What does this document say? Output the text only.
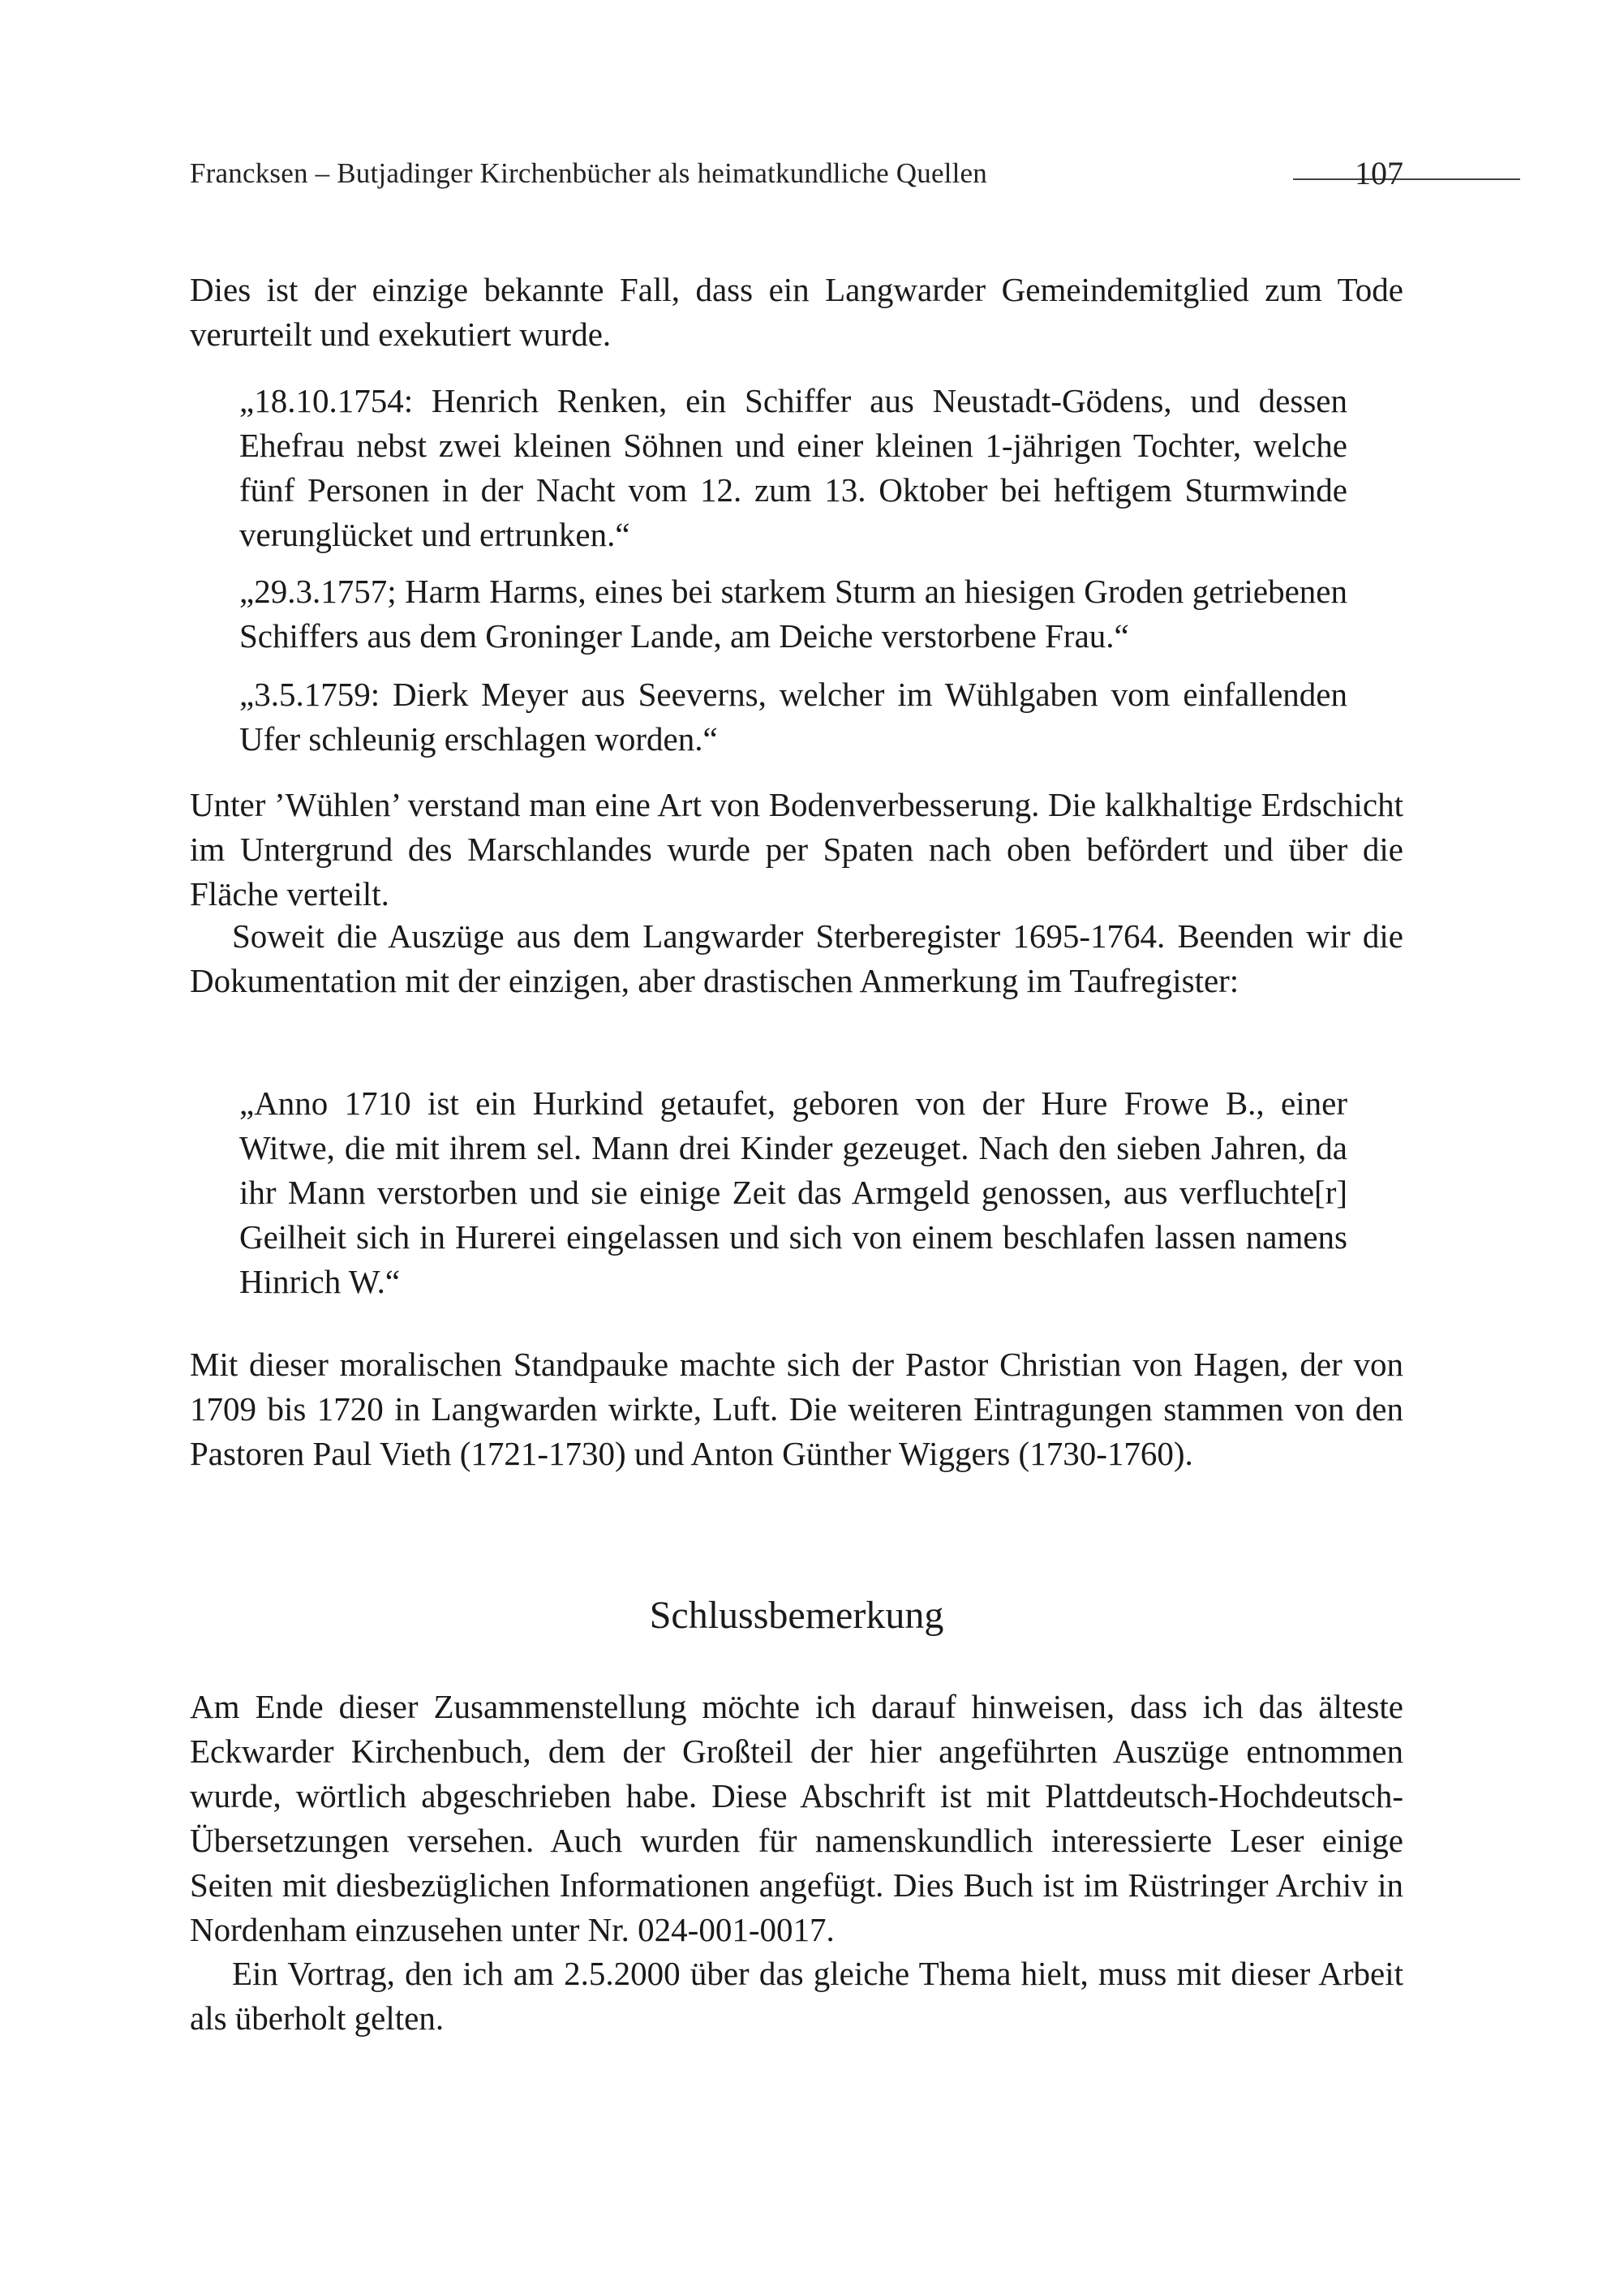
Francksen – Butjadinger Kirchenbücher als heimatkundliche Quellen	107

Dies ist der einzige bekannte Fall, dass ein Langwarder Gemeindemitglied zum Tode verurteilt und exekutiert wurde.

„18.10.1754: Henrich Renken, ein Schiffer aus Neustadt-Gödens, und dessen Ehefrau nebst zwei kleinen Söhnen und einer kleinen 1-jährigen Tochter, welche fünf Personen in der Nacht vom 12. zum 13. Oktober bei heftigem Sturmwinde verunglücket und ertrunken.“

„29.3.1757; Harm Harms, eines bei starkem Sturm an hiesigen Groden getriebenen Schiffers aus dem Groninger Lande, am Deiche verstorbene Frau.“

„3.5.1759: Dierk Meyer aus Seeverns, welcher im Wühlgaben vom einfallenden Ufer schleunig erschlagen worden.“

Unter ’Wühlen’ verstand man eine Art von Bodenverbesserung. Die kalkhaltige Erdschicht im Untergrund des Marschlandes wurde per Spaten nach oben befördert und über die Fläche verteilt.

Soweit die Auszüge aus dem Langwarder Sterberegister 1695-1764. Beenden wir die Dokumentation mit der einzigen, aber drastischen Anmerkung im Taufregister:

„Anno 1710 ist ein Hurkind getaufet, geboren von der Hure Frowe B., einer Witwe, die mit ihrem sel. Mann drei Kinder gezeuget. Nach den sieben Jahren, da ihr Mann verstorben und sie einige Zeit das Armgeld genossen, aus verfluchte[r] Geilheit sich in Hurerei eingelassen und sich von einem beschlafen lassen namens Hinrich W.“

Mit dieser moralischen Standpauke machte sich der Pastor Christian von Hagen, der von 1709 bis 1720 in Langwarden wirkte, Luft. Die weiteren Eintragungen stammen von den Pastoren Paul Vieth (1721-1730) und Anton Günther Wiggers (1730-1760).

Schlussbemerkung

Am Ende dieser Zusammenstellung möchte ich darauf hinweisen, dass ich das älteste Eckwarder Kirchenbuch, dem der Großteil der hier angeführten Auszüge entnommen wurde, wörtlich abgeschrieben habe. Diese Abschrift ist mit Plattdeutsch-Hochdeutsch-Übersetzungen versehen. Auch wurden für namenskundlich interessierte Leser einige Seiten mit diesbezüglichen Informationen angefügt. Dies Buch ist im Rüstringer Archiv in Nordenham einzusehen unter Nr. 024-001-0017.

Ein Vortrag, den ich am 2.5.2000 über das gleiche Thema hielt, muss mit dieser Arbeit als überholt gelten.
